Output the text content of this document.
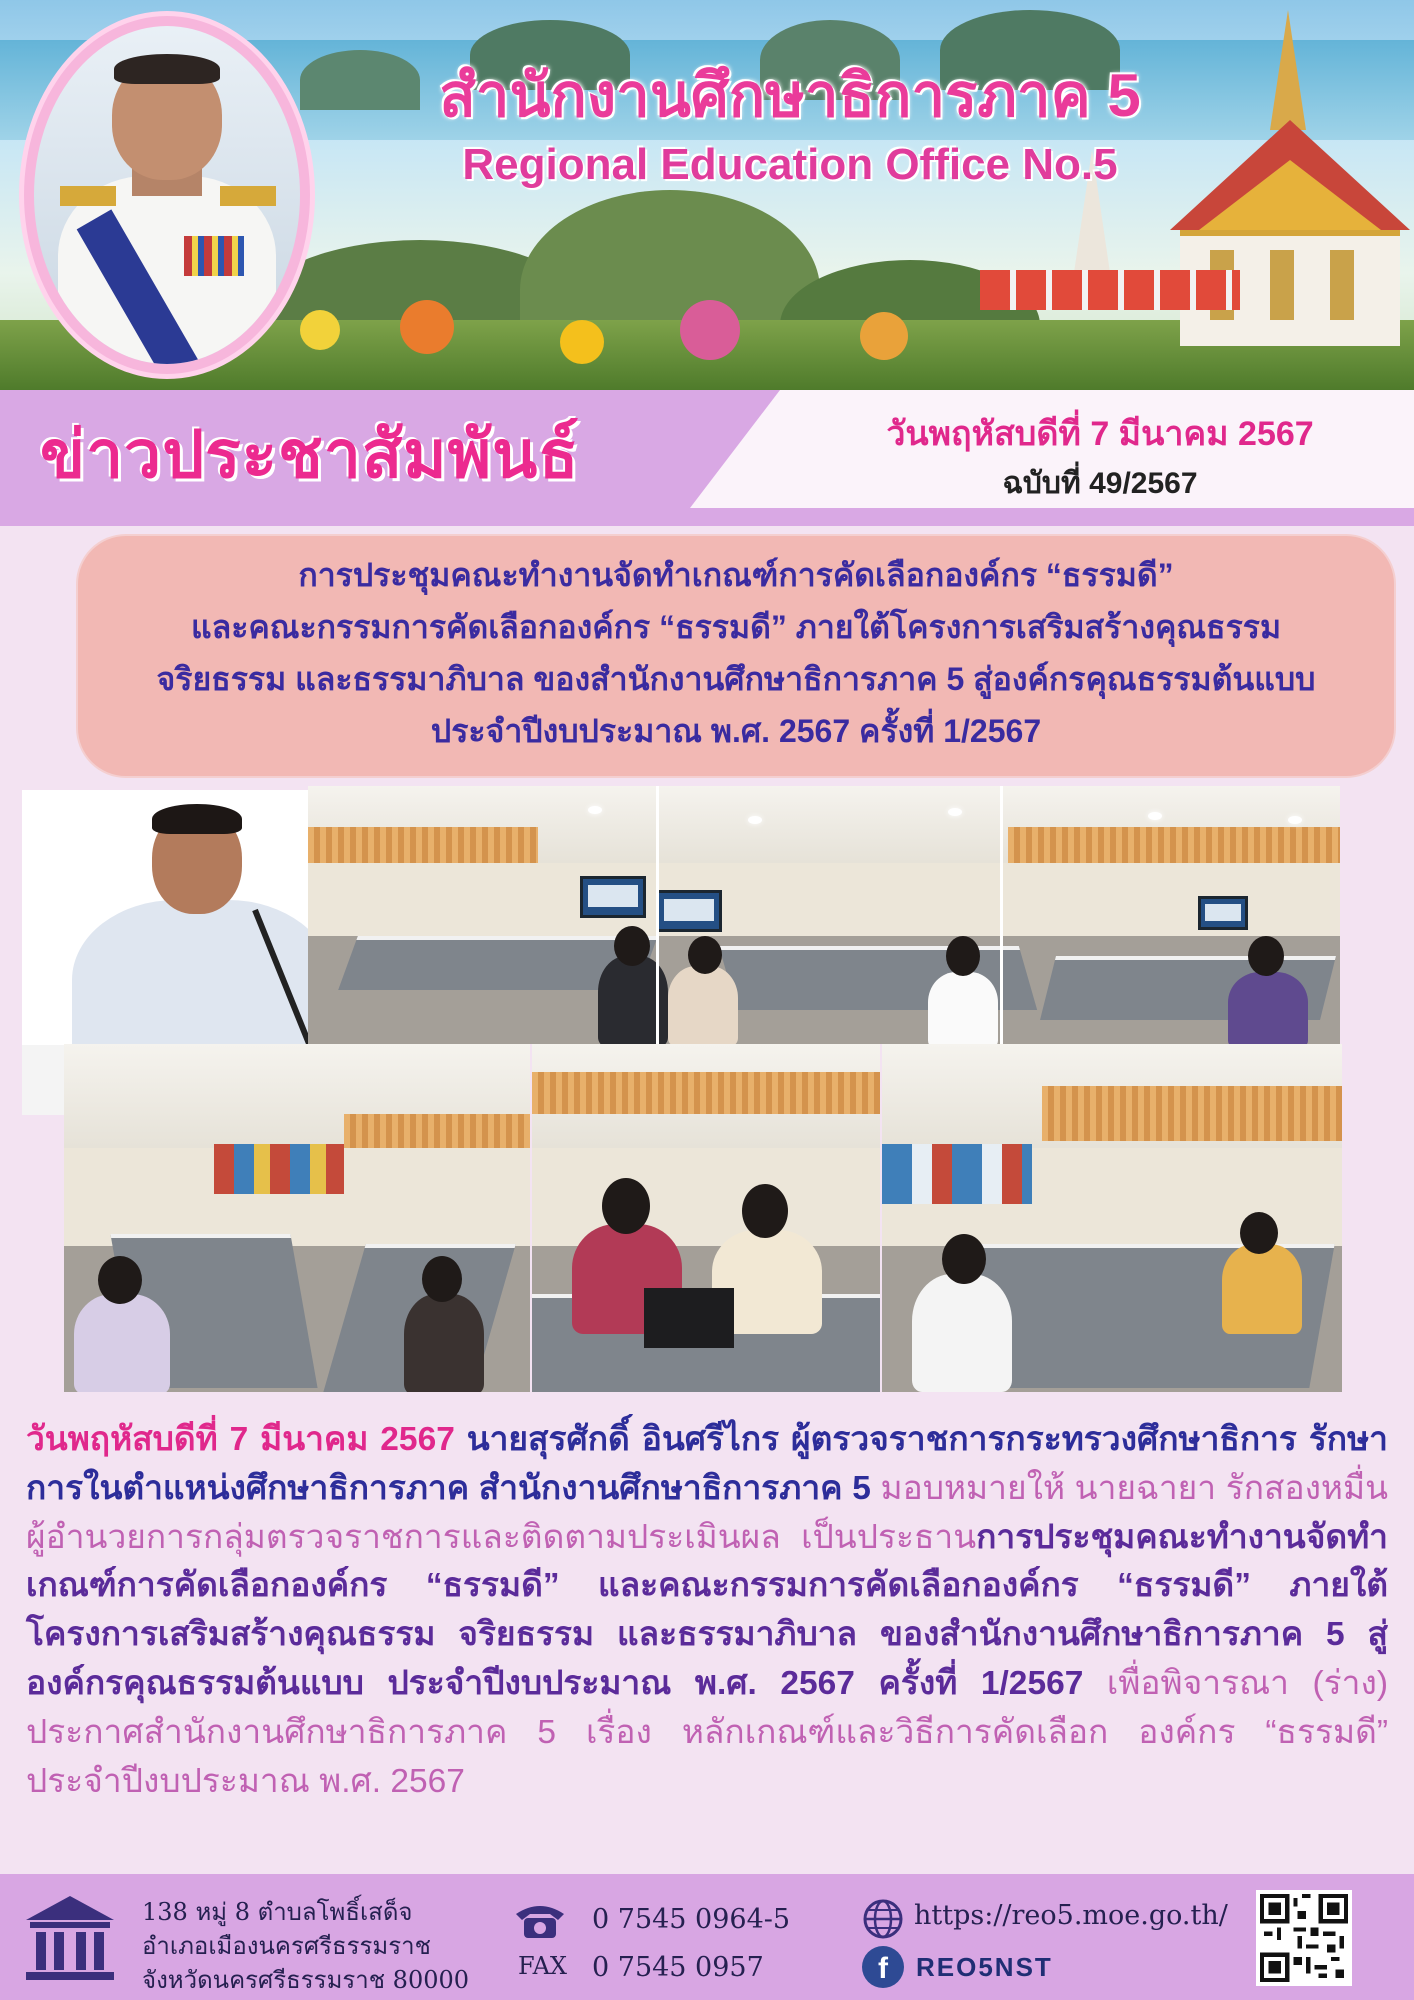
สำนักงานศึกษาธิการภาค 5
Regional Education Office No.5
ข่าวประชาสัมพันธ์	วันพฤหัสบดีที่ 7 มีนาคม 2567
ฉบับที่ 49/2567
การประชุมคณะทำงานจัดทำเกณฑ์การคัดเลือกองค์กร “ธรรมดี”
และคณะกรรมการคัดเลือกองค์กร “ธรรมดี” ภายใต้โครงการเสริมสร้างคุณธรรม
จริยธรรม และธรรมาภิบาล ของสำนักงานศึกษาธิการภาค 5 สู่องค์กรคุณธรรมต้นแบบ
ประจำปีงบประมาณ พ.ศ. 2567 ครั้งที่ 1/2567
วันพฤหัสบดีที่ 7 มีนาคม 2567 นายสุรศักดิ์ อินศรีไกร ผู้ตรวจราชการกระทรวงศึกษาธิการ รักษาการในตำแหน่งศึกษาธิการภาค สำนักงานศึกษาธิการภาค 5 มอบหมายให้ นายฉายา รักสองหมื่น ผู้อำนวยการกลุ่มตรวจราชการและติดตามประเมินผล เป็นประธานการประชุมคณะทำงานจัดทำเกณฑ์การคัดเลือกองค์กร “ธรรมดี” และคณะกรรมการคัดเลือกองค์กร “ธรรมดี” ภายใต้โครงการเสริมสร้างคุณธรรม จริยธรรม และธรรมาภิบาล ของสำนักงานศึกษาธิการภาค 5 สู่องค์กรคุณธรรมต้นแบบ ประจำปีงบประมาณ พ.ศ. 2567 ครั้งที่ 1/2567 เพื่อพิจารณา (ร่าง) ประกาศสำนักงานศึกษาธิการภาค 5 เรื่อง หลักเกณฑ์และวิธีการคัดเลือก องค์กร “ธรรมดี” ประจำปีงบประมาณ พ.ศ. 2567
138 หมู่ 8 ตำบลโพธิ์เสด็จ
อำเภอเมืองนครศรีธรรมราช
จังหวัดนครศรีธรรมราช 80000
0 7545 0964-5
FAX 0 7545 0957
https://reo5.moe.go.th/
f	REO5NST
